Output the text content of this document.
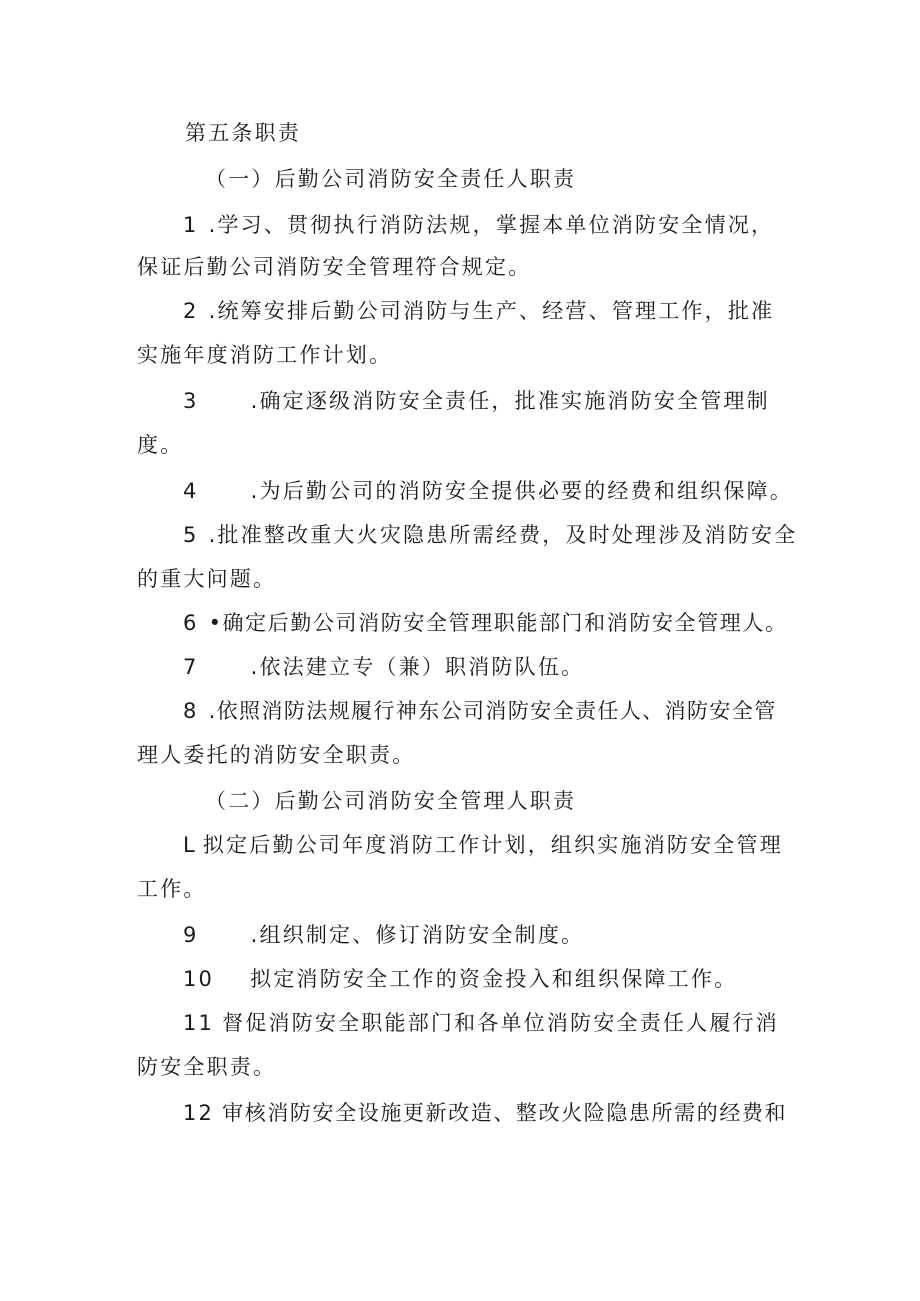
第五条职责

（一）后勤公司消防安全责任人职责

1 .学习、贯彻执行消防法规，掌握本单位消防安全情况，

保证后勤公司消防安全管理符合规定。

2 .统筹安排后勤公司消防与生产、经营、管理工作，批准

实施年度消防工作计划。

3 .确定逐级消防安全责任，批准实施消防安全管理制

度。

4 .为后勤公司的消防安全提供必要的经费和组织保障。

5 .批准整改重大火灾隐患所需经费，及时处理涉及消防安全

的重大问题。

6 •确定后勤公司消防安全管理职能部门和消防安全管理人。

7 .依法建立专（兼）职消防队伍。

8 .依照消防法规履行神东公司消防安全责任人、消防安全管

理人委托的消防安全职责。

（二）后勤公司消防安全管理人职责

L 拟定后勤公司年度消防工作计划，组织实施消防安全管理

工作。

9 .组织制定、修订消防安全制度。

10 拟定消防安全工作的资金投入和组织保障工作。

11 督促消防安全职能部门和各单位消防安全责任人履行消

防安全职责。

12 审核消防安全设施更新改造、整改火险隐患所需的经费和
